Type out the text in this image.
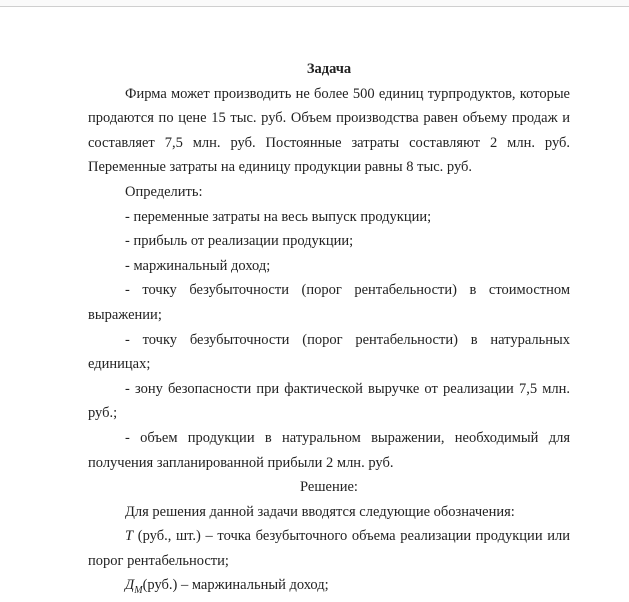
Задача

Фирма может производить не более 500 единиц турпродуктов, которые продаются по цене 15 тыс. руб. Объем производства равен объему продаж и составляет 7,5 млн. руб. Постоянные затраты составляют 2 млн. руб. Переменные затраты на единицу продукции равны 8 тыс. руб.

Определить:

- переменные затраты на весь выпуск продукции;

- прибыль от реализации продукции;

- маржинальный доход;

- точку безубыточности (порог рентабельности) в стоимостном выражении;

- точку безубыточности (порог рентабельности) в натуральных единицах;

- зону безопасности при фактической выручке от реализации 7,5 млн. руб.;

- объем продукции в натуральном выражении, необходимый для получения запланированной прибыли 2 млн. руб.

Решение:

Для решения данной задачи вводятся следующие обозначения:

T (руб., шт.) – точка безубыточного объема реализации продукции или порог рентабельности;

$Д_M(руб.)$ – маржинальный доход;
